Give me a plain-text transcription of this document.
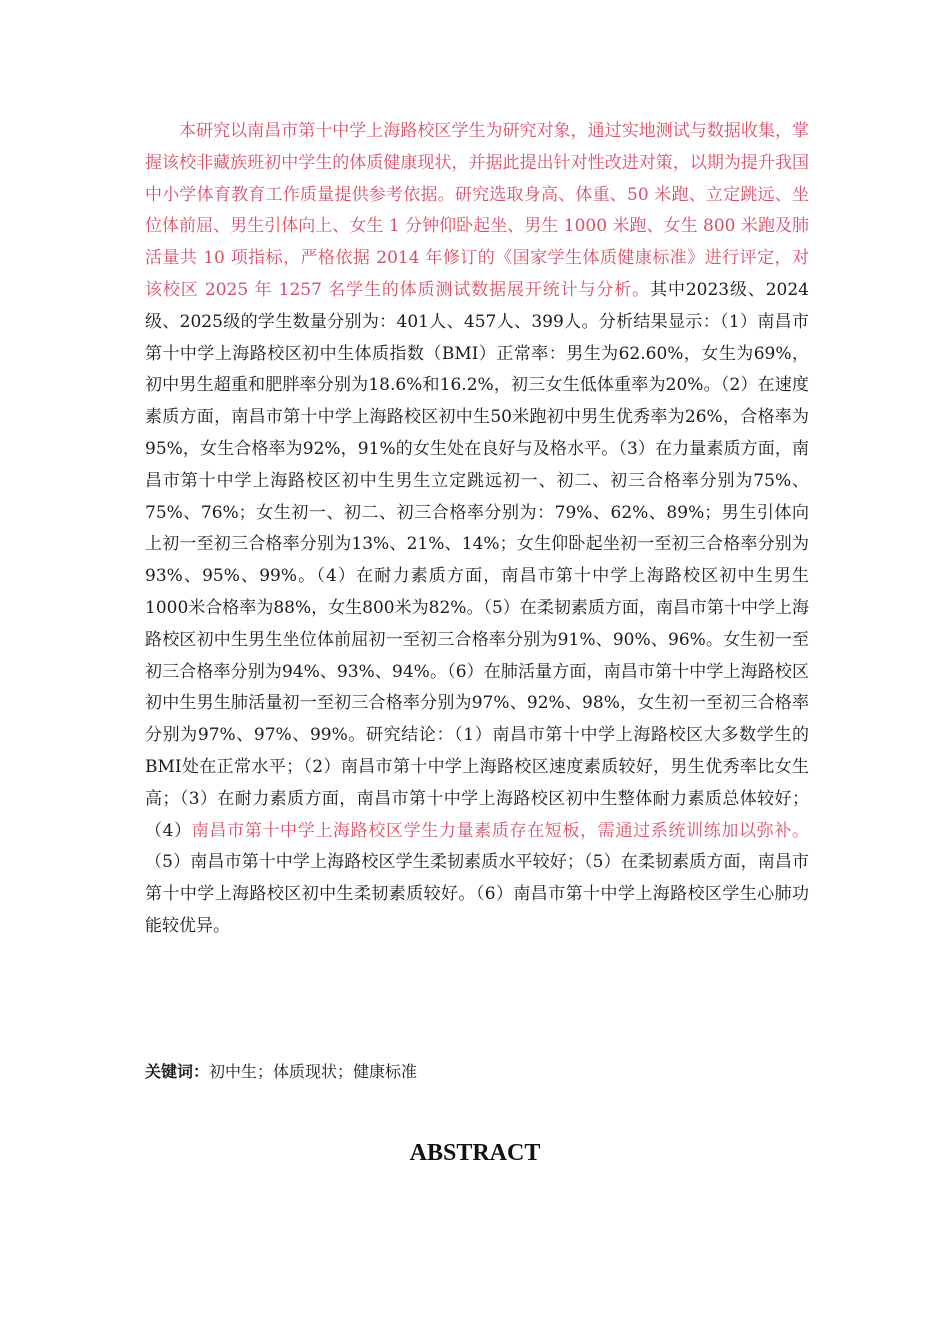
本研究以南昌市第十中学上海路校区学生为研究对象，通过实地测试与数据收集，掌握该校非藏族班初中学生的体质健康现状，并据此提出针对性改进对策，以期为提升我国中小学体育教育工作质量提供参考依据。研究选取身高、体重、50 米跑、立定跳远、坐位体前屈、男生引体向上、女生 1 分钟仰卧起坐、男生 1000 米跑、女生 800 米跑及肺活量共 10 项指标，严格依据 2014 年修订的《国家学生体质健康标准》进行评定，对该校区 2025 年 1257 名学生的体质测试数据展开统计与分析。其中2023级、2024级、2025级的学生数量分别为：401人、457人、399人。分析结果显示：（1）南昌市第十中学上海路校区初中生体质指数（BMI）正常率：男生为62.60%，女生为69%，初中男生超重和肥胖率分别为18.6%和16.2%，初三女生低体重率为20%。（2）在速度素质方面，南昌市第十中学上海路校区初中生50米跑初中男生优秀率为26%，合格率为95%，女生合格率为92%，91%的女生处在良好与及格水平。（3）在力量素质方面，南昌市第十中学上海路校区初中生男生立定跳远初一、初二、初三合格率分别为75%、75%、76%；女生初一、初二、初三合格率分别为：79%、62%、89%；男生引体向上初一至初三合格率分别为13%、21%、14%；女生仰卧起坐初一至初三合格率分别为93%、95%、99%。（4）在耐力素质方面，南昌市第十中学上海路校区初中生男生1000米合格率为88%，女生800米为82%。（5）在柔韧素质方面，南昌市第十中学上海路校区初中生男生坐位体前屈初一至初三合格率分别为91%、90%、96%。女生初一至初三合格率分别为94%、93%、94%。（6）在肺活量方面，南昌市第十中学上海路校区初中生男生肺活量初一至初三合格率分别为97%、92%、98%，女生初一至初三合格率分别为97%、97%、99%。研究结论：（1）南昌市第十中学上海路校区大多数学生的BMI处在正常水平；（2）南昌市第十中学上海路校区速度素质较好，男生优秀率比女生高；（3）在耐力素质方面，南昌市第十中学上海路校区初中生整体耐力素质总体较好；（4）南昌市第十中学上海路校区学生力量素质存在短板，需通过系统训练加以弥补。（5）南昌市第十中学上海路校区学生柔韧素质水平较好；（5）在柔韧素质方面，南昌市第十中学上海路校区初中生柔韧素质较好。（6）南昌市第十中学上海路校区学生心肺功能较优异。

关键词：初中生；体质现状；健康标准

ABSTRACT
